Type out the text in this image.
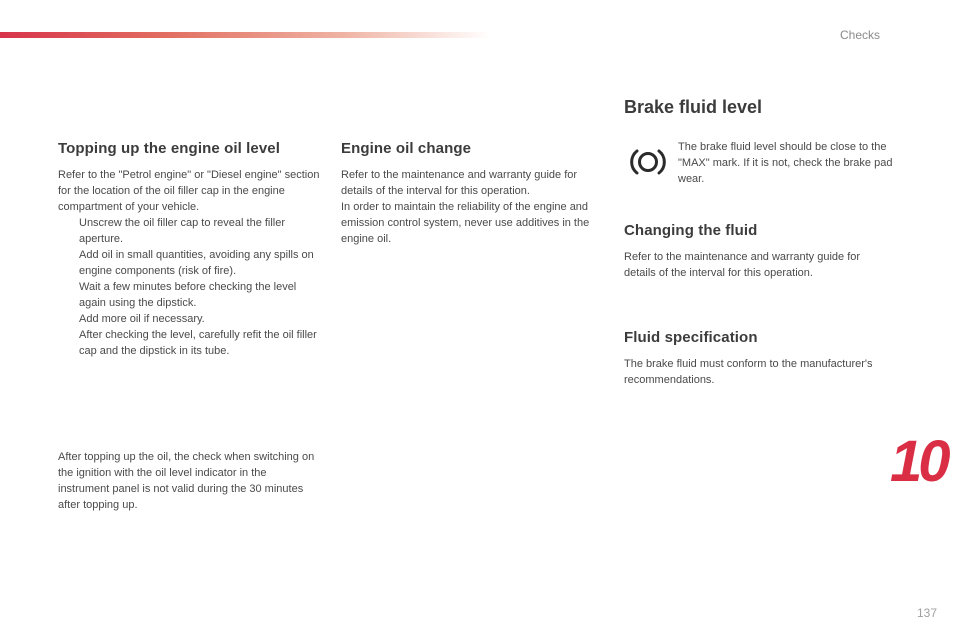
Checks
Topping up the engine oil level

Refer to the "Petrol engine" or "Diesel engine" section for the location of the oil filler cap in the engine compartment of your vehicle.

Unscrew the oil filler cap to reveal the filler aperture.
Add oil in small quantities, avoiding any spills on engine components (risk of fire).
Wait a few minutes before checking the level again using the dipstick.
Add more oil if necessary.
After checking the level, carefully refit the oil filler cap and the dipstick in its tube.

After topping up the oil, the check when switching on the ignition with the oil level indicator in the instrument panel is not valid during the 30 minutes after topping up.

Engine oil change

Refer to the maintenance and warranty guide for details of the interval for this operation.

In order to maintain the reliability of the engine and emission control system, never use additives in the engine oil.

Brake fluid level

The brake fluid level should be close to the "MAX" mark. If it is not, check the brake pad wear.

Changing the fluid

Refer to the maintenance and warranty guide for details of the interval for this operation.

Fluid specification

The brake fluid must conform to the manufacturer's recommendations.

10
137
